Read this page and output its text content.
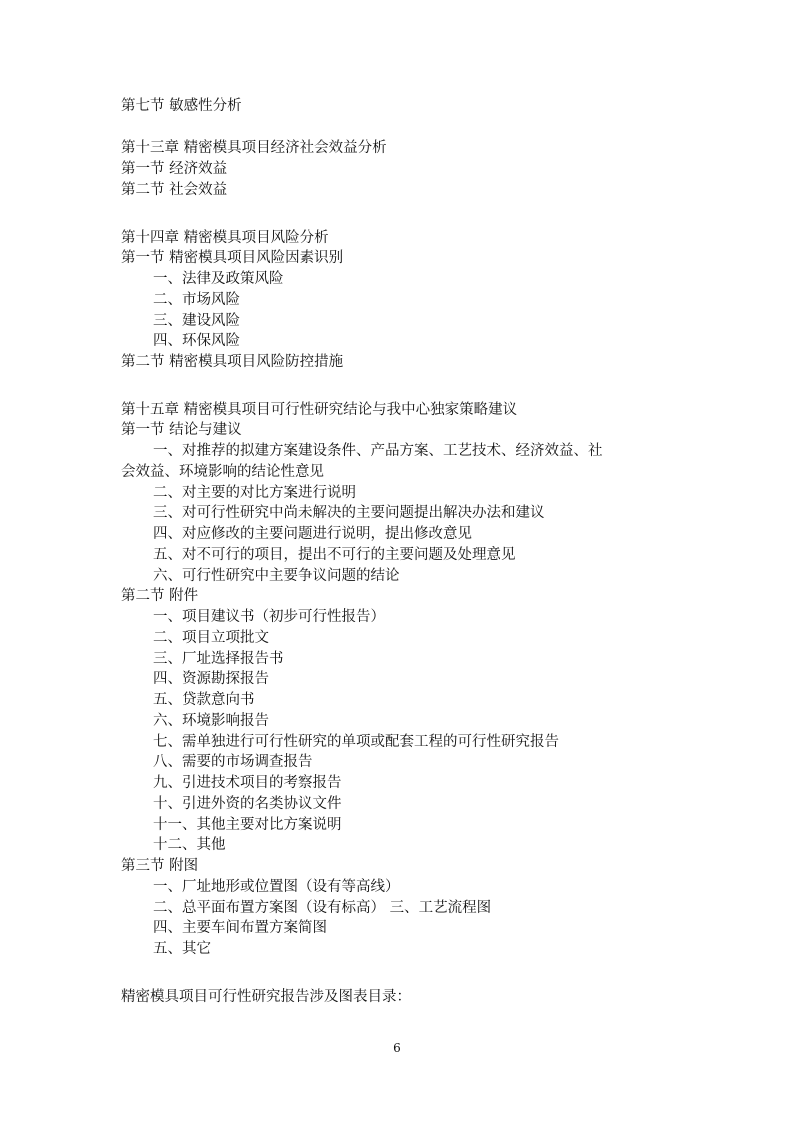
第七节 敏感性分析
第十三章 精密模具项目经济社会效益分析
第一节 经济效益
第二节 社会效益
第十四章 精密模具项目风险分析
第一节 精密模具项目风险因素识别
一、法律及政策风险
二、市场风险
三、建设风险
四、环保风险
第二节 精密模具项目风险防控措施
第十五章 精密模具项目可行性研究结论与我中心独家策略建议
第一节 结论与建议
一、对推荐的拟建方案建设条件、产品方案、工艺技术、经济效益、社
会效益、环境影响的结论性意见
二、对主要的对比方案进行说明
三、对可行性研究中尚未解决的主要问题提出解决办法和建议
四、对应修改的主要问题进行说明，提出修改意见
五、对不可行的项目，提出不可行的主要问题及处理意见
六、可行性研究中主要争议问题的结论
第二节 附件
一、项目建议书（初步可行性报告）
二、项目立项批文
三、厂址选择报告书
四、资源勘探报告
五、贷款意向书
六、环境影响报告
七、需单独进行可行性研究的单项或配套工程的可行性研究报告
八、需要的市场调查报告
九、引进技术项目的考察报告
十、引进外资的名类协议文件
十一、其他主要对比方案说明
十二、其他
第三节 附图
一、厂址地形或位置图（设有等高线）
二、总平面布置方案图（设有标高） 三、工艺流程图
四、主要车间布置方案简图
五、其它
精密模具项目可行性研究报告涉及图表目录：
6
